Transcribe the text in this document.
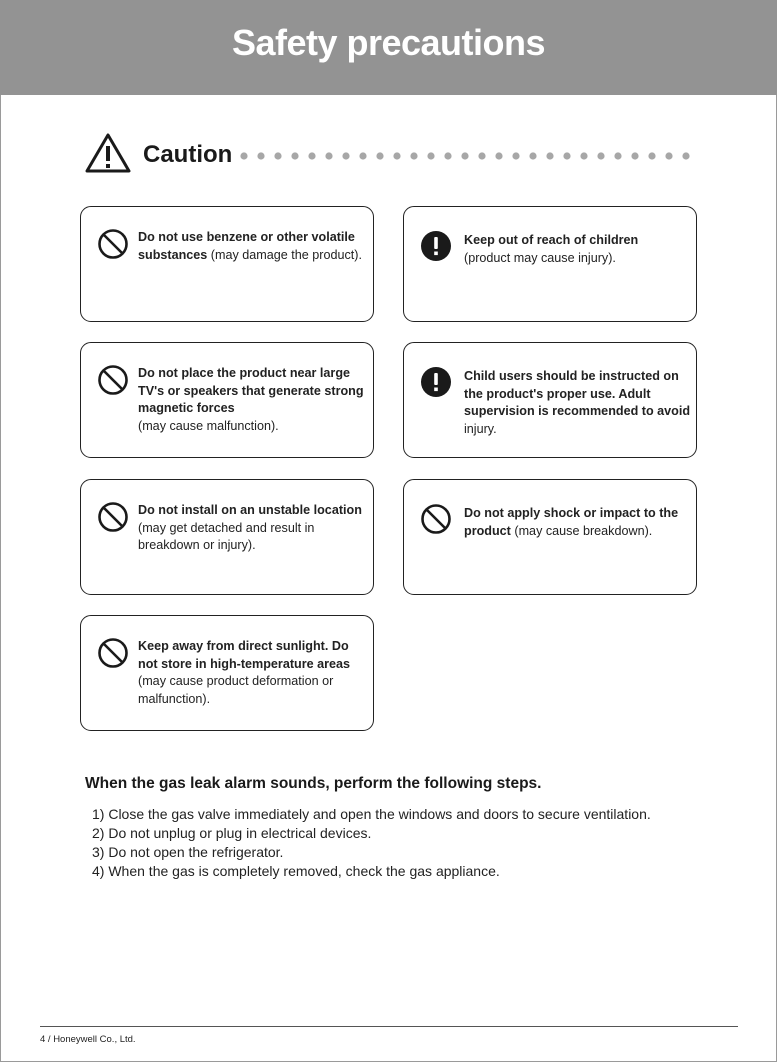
Safety precautions
Caution
Do not use benzene or other volatile substances (may damage the product).
Keep out of reach of children
(product may cause injury).
Do not place the product near large TV's or speakers that generate strong magnetic forces
(may cause malfunction).
Child users should be instructed on the product's proper use. Adult supervision is recommended to avoid injury.
Do not install on an unstable location
(may get detached and result in breakdown or injury).
Do not apply shock or impact to the product (may cause breakdown).
Keep away from direct sunlight. Do not store in high-temperature areas (may cause product deformation or malfunction).
When the gas leak alarm sounds, perform the following steps.
1) Close the gas valve immediately and open the windows and doors to secure ventilation.
2) Do not unplug or plug in electrical devices.
3) Do not open the refrigerator.
4) When the gas is completely removed, check the gas appliance.
4 / Honeywell Co., Ltd.
